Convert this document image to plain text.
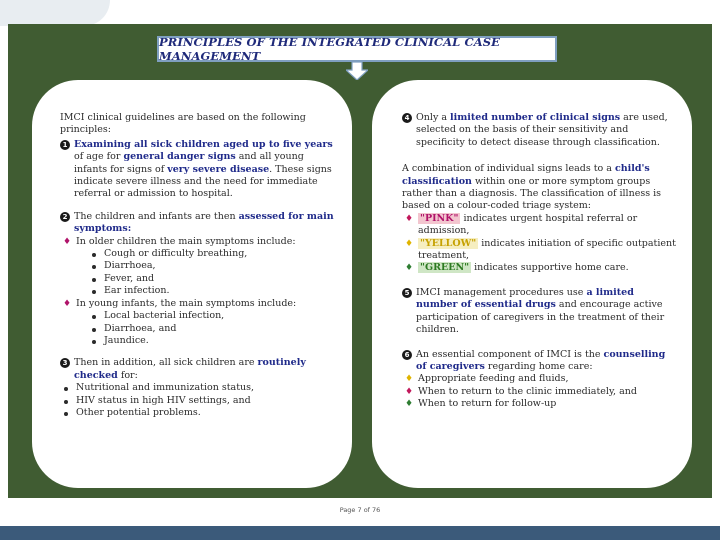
PRINCIPLES OF THE INTEGRATED CLINICAL CASE MANAGEMENT

IMCI clinical guidelines are based on the following principles:

1 Examining all sick children aged up to five years of age for general danger signs and all young infants for signs of very severe disease. These signs indicate severe illness and the need for immediate referral or admission to hospital.
2 The children and infants are then assessed for main symptoms:
♦ In older children the main symptoms include:
Cough or difficulty breathing,
Diarrhoea,
Fever, and
Ear infection.
♦ In young infants, the main symptoms include:
Local bacterial infection,
Diarrhoea, and
Jaundice.
3 Then in addition, all sick children are routinely checked for:
Nutritional and immunization status,
HIV status in high HIV settings, and
Other potential problems.
4 Only a limited number of clinical signs are used, selected on the basis of their sensitivity and specificity to detect disease through classification.

A combination of individual signs leads to a child's classification within one or more symptom groups rather than a diagnosis. The classification of illness is based on a colour-coded triage system:

♦ "PINK" indicates urgent hospital referral or admission,
♦ "YELLOW" indicates initiation of specific outpatient treatment,
♦ "GREEN" indicates supportive home care.
5 IMCI management procedures use a limited number of essential drugs and encourage active participation of caregivers in the treatment of their children.
6 An essential component of IMCI is the counselling of caregivers regarding home care:
♦ Appropriate feeding and fluids,
♦ When to return to the clinic immediately, and
♦ When to return for follow-up
Page 7 of 76
